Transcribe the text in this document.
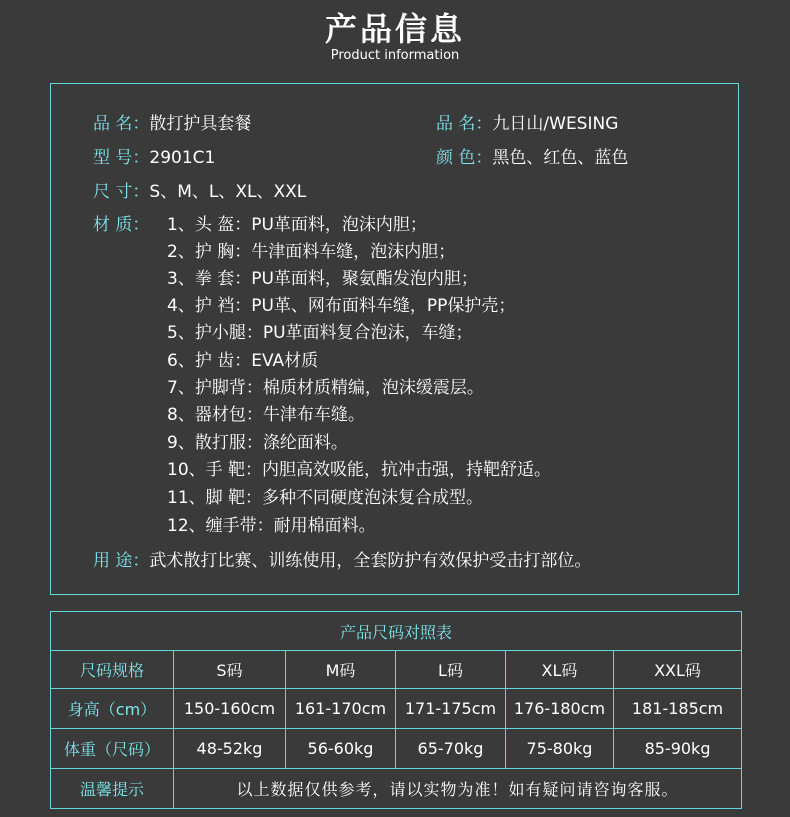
产品信息
Product information
品 名：散打护具套餐	品 名：九日山/WESING
型 号：2901C1	颜 色：黑色、红色、蓝色
尺 寸：S、M、L、XL、XXL
材 质： 1、头 盔：PU革面料，泡沫内胆；
2、护 胸：牛津面料车缝，泡沫内胆；
3、拳 套：PU革面料，聚氨酯发泡内胆；
4、护 裆：PU革、网布面料车缝，PP保护壳；
5、护小腿：PU革面料复合泡沫，车缝；
6、护 齿：EVA材质
7、护脚背：棉质材质精编，泡沫缓震层。
8、器材包：牛津布车缝。
9、散打服：涤纶面料。
10、手 靶：内胆高效吸能，抗冲击强，持靶舒适。
11、脚 靶：多种不同硬度泡沫复合成型。
12、缠手带：耐用棉面料。
用 途：武术散打比赛、训练使用，全套防护有效保护受击打部位。
产品尺码对照表					
尺码规格	S码	M码	L码	XL码	XXL码
身高（cm）	150-160cm	161-170cm	171-175cm	176-180cm	181-185cm
体重（尺码）	48-52kg	56-60kg	65-70kg	75-80kg	85-90kg
温馨提示	以上数据仅供参考，请以实物为准！如有疑问请咨询客服。				
